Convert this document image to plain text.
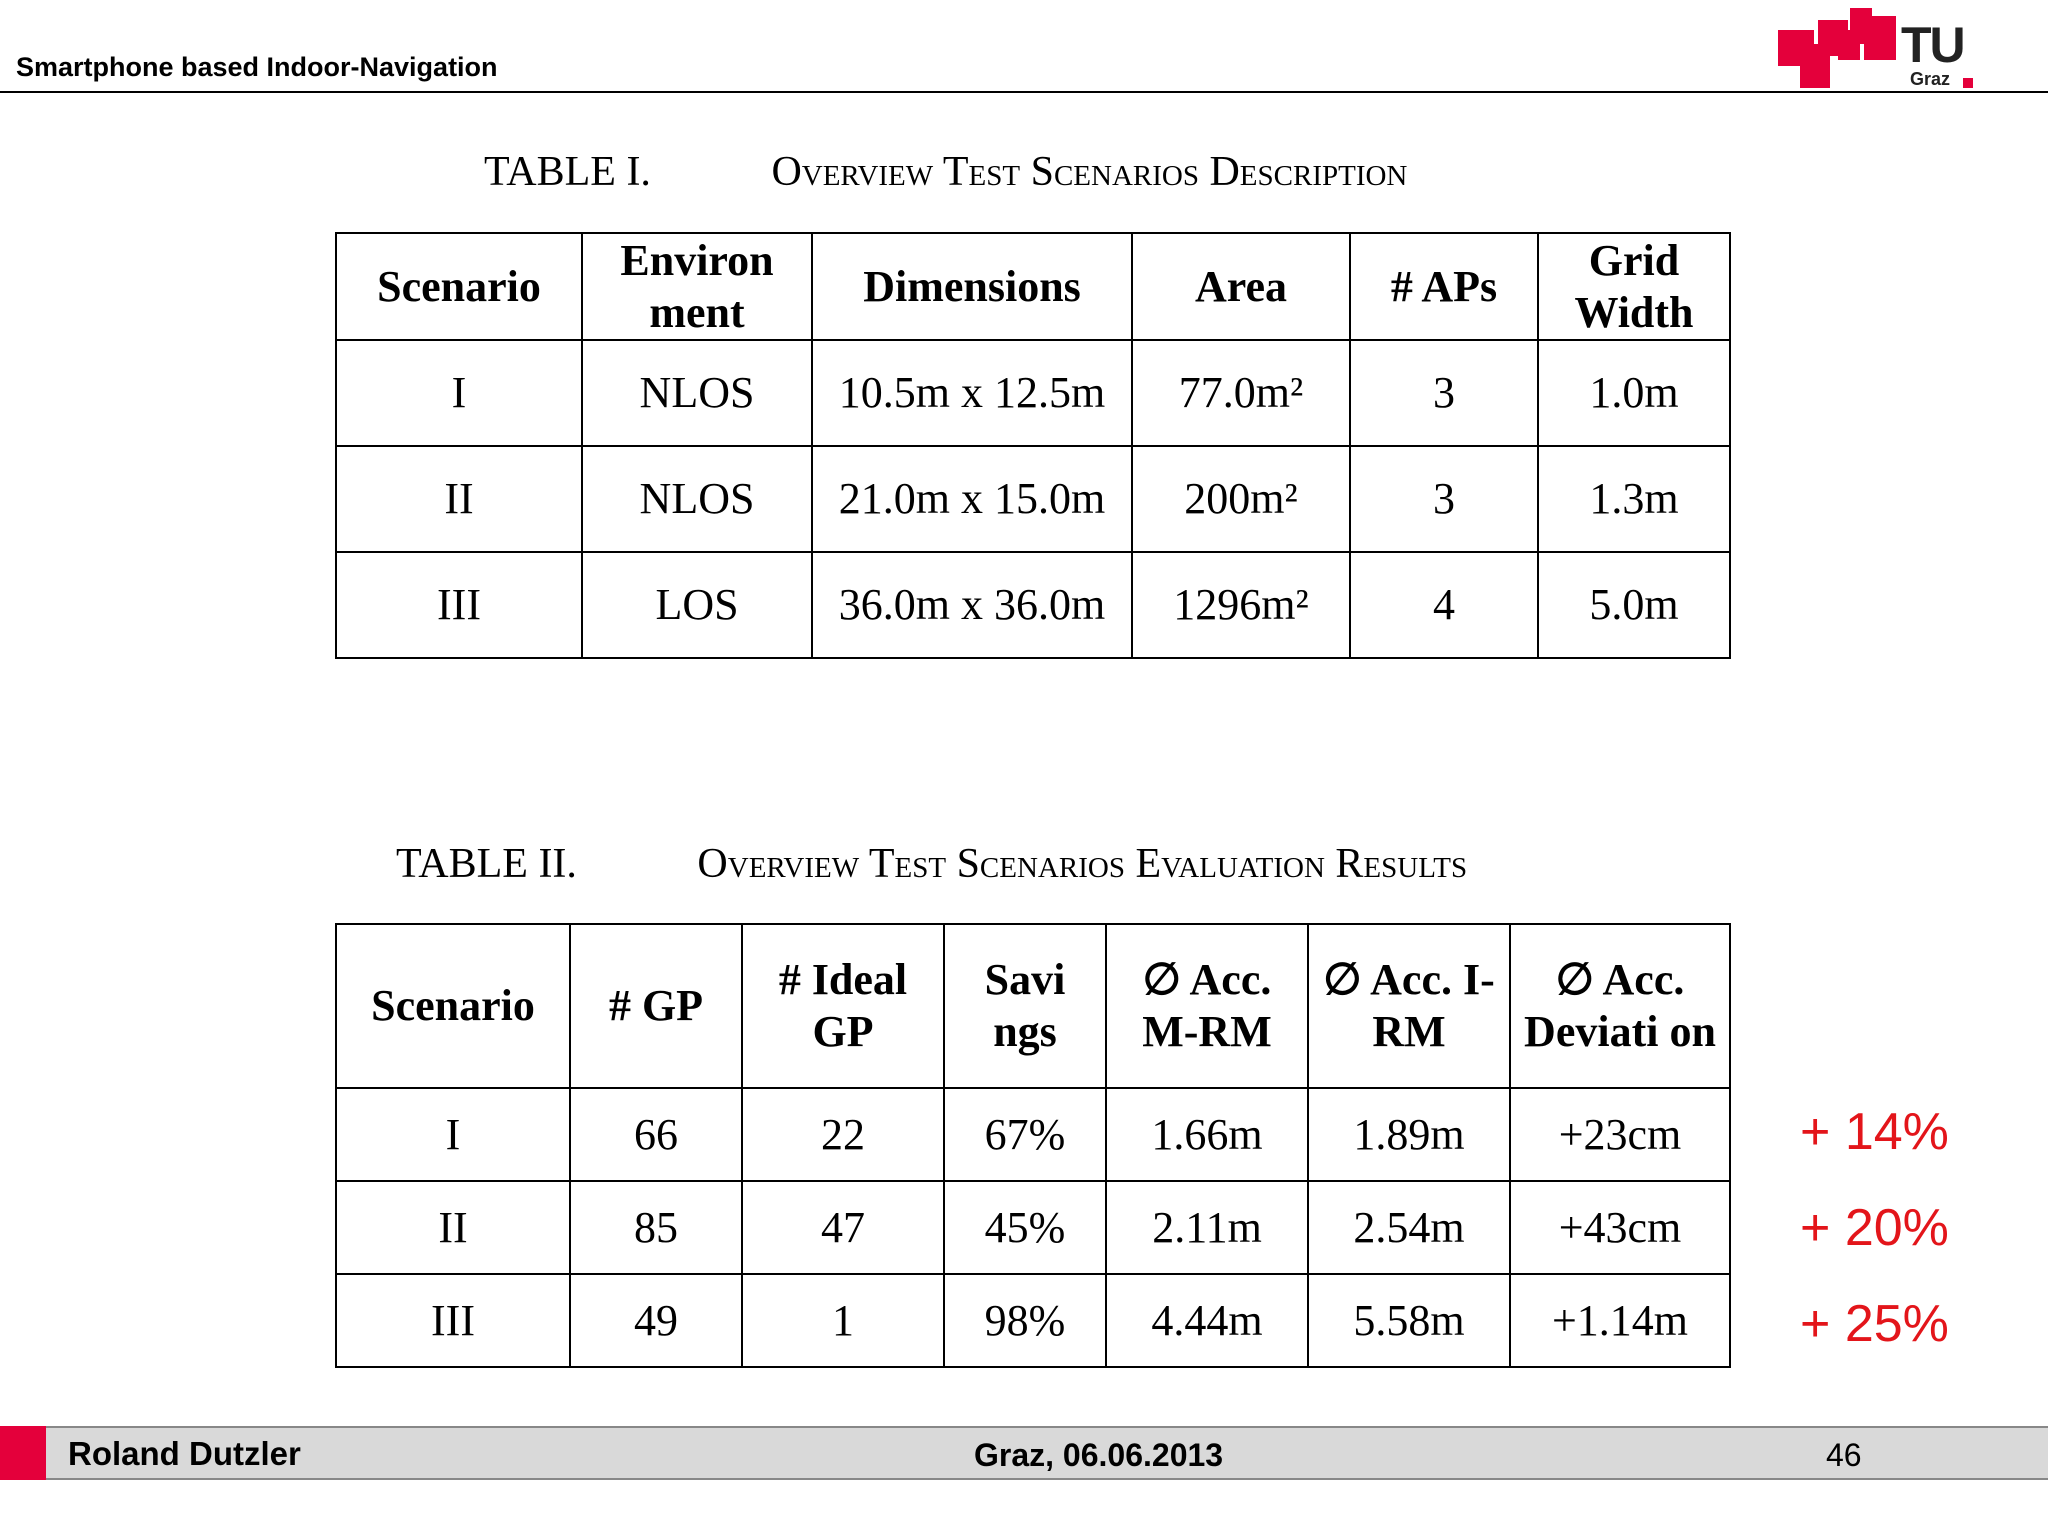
Smartphone based Indoor-Navigation	TU
Graz
TABLE I.	Overview Test Scenarios Description
Scenario	Environ ment	Dimensions	Area	# APs	Grid Width
I	NLOS	10.5m x 12.5m	77.0m²	3	1.0m
II	NLOS	21.0m x 15.0m	200m²	3	1.3m
III	LOS	36.0m x 36.0m	1296m²	4	5.0m
TABLE II.	Overview Test Scenarios Evaluation Results
Scenario	# GP	# Ideal GP	Savi ngs	∅ Acc. M-RM	∅ Acc. I- RM	∅ Acc. Deviati on
I	66	22	67%	1.66m	1.89m	+23cm
II	85	47	45%	2.11m	2.54m	+43cm
III	49	1	98%	4.44m	5.58m	+1.14m
+ 14%
+ 20%
+ 25%
Roland Dutzler	Graz, 06.06.2013	46
